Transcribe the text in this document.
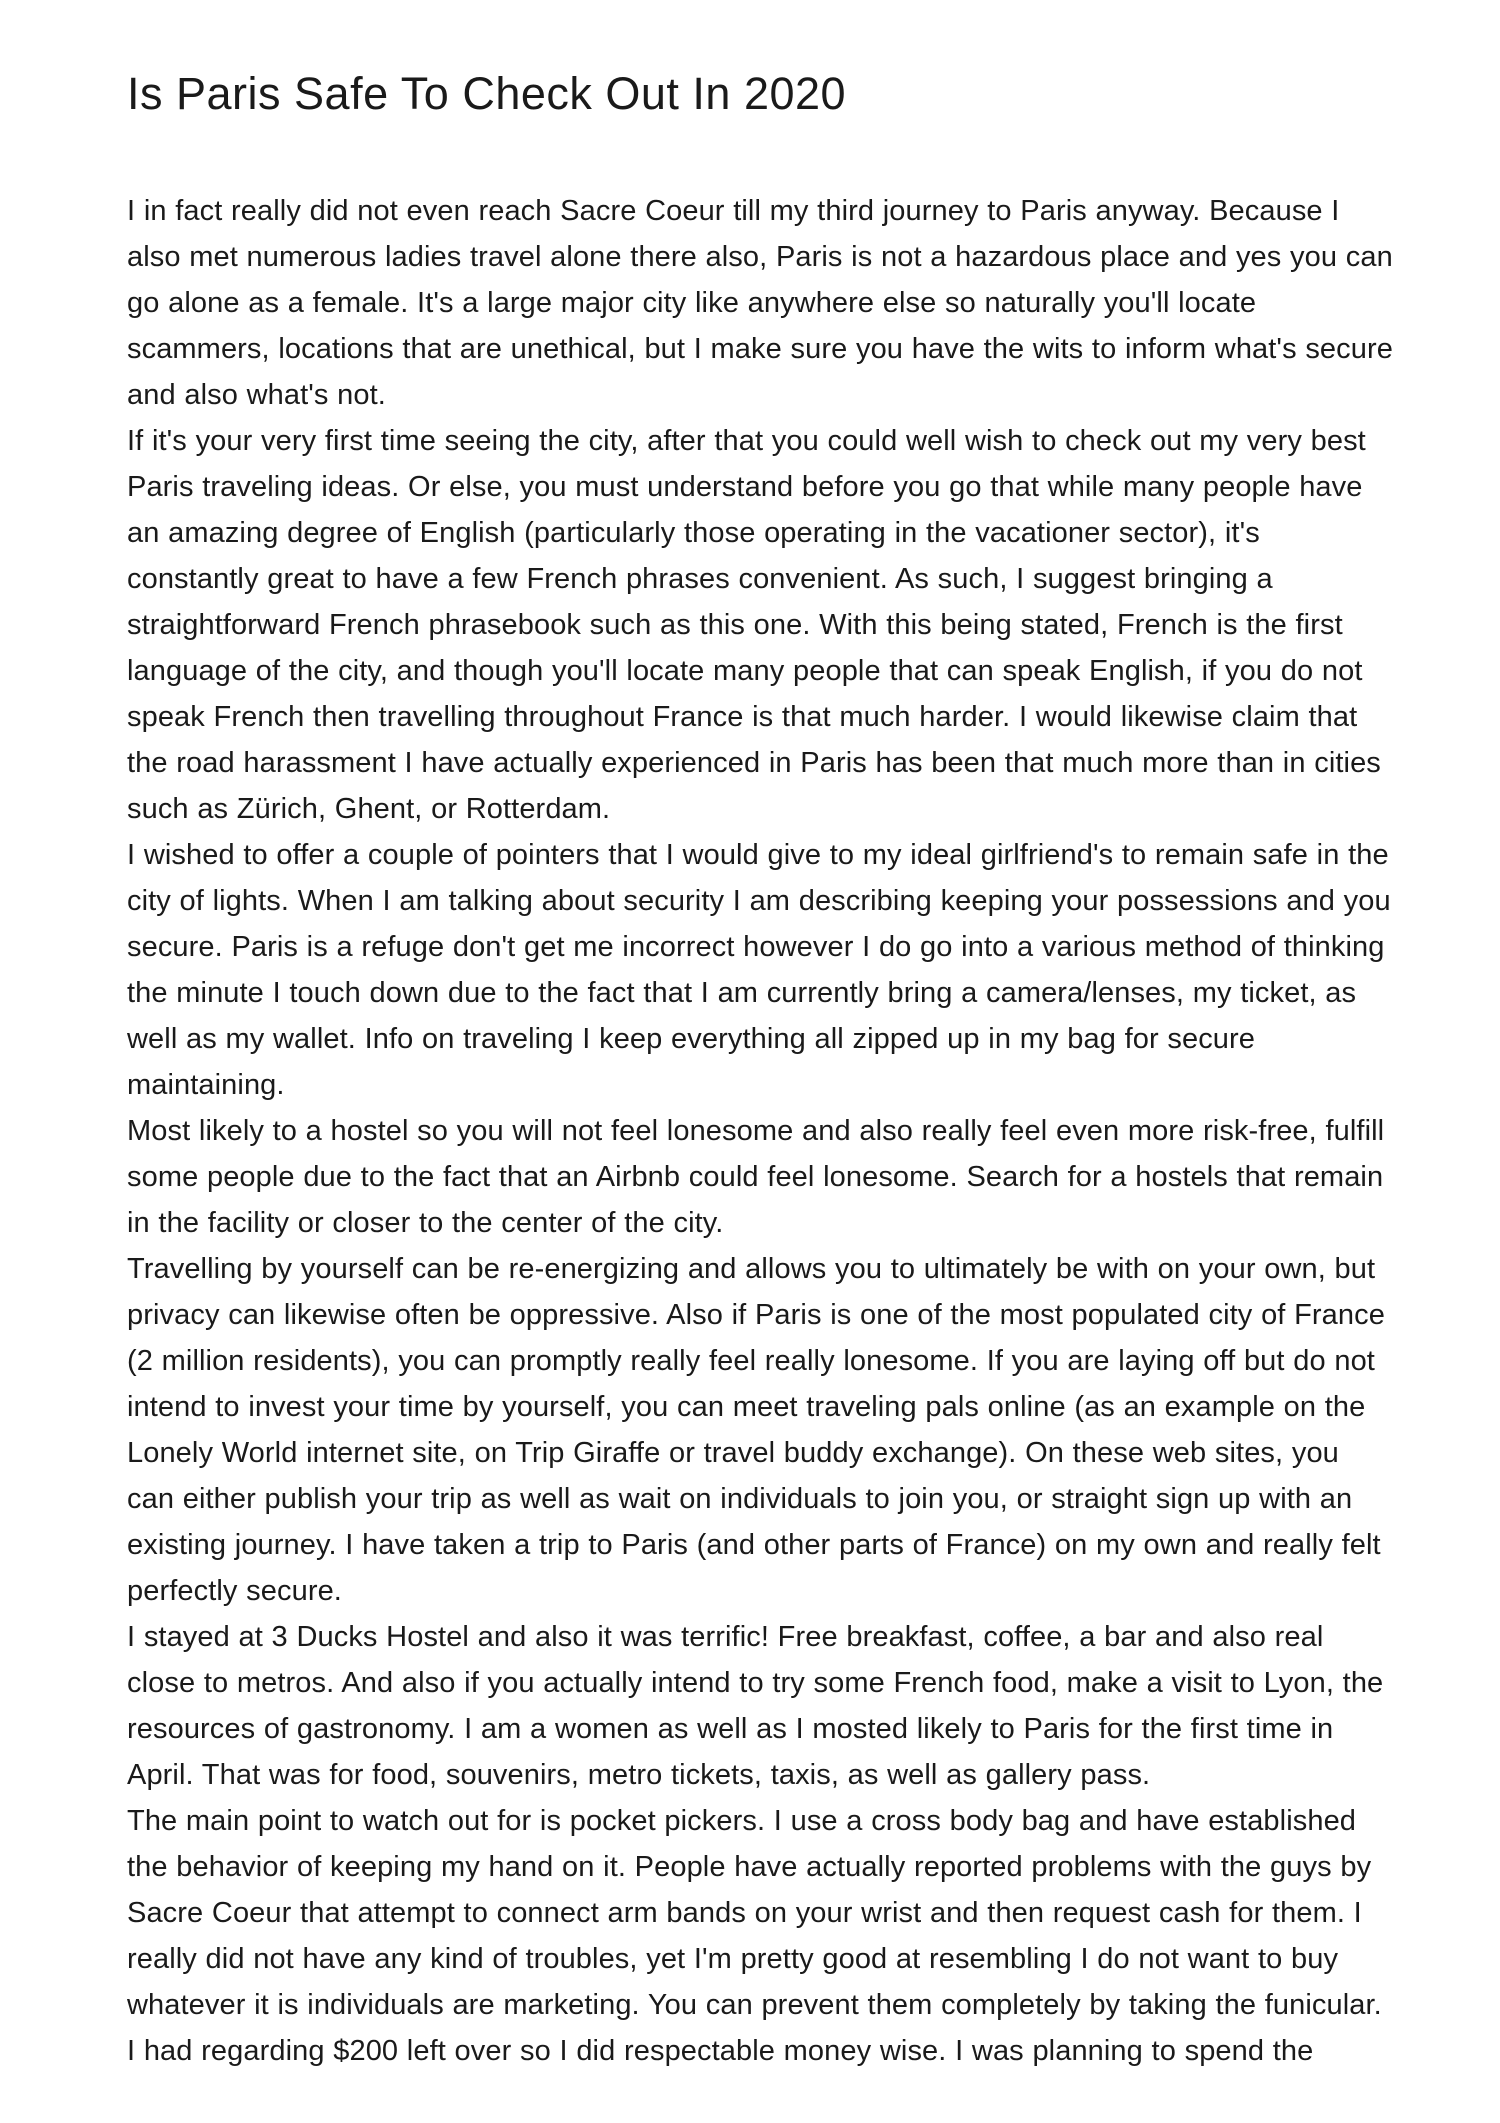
Is Paris Safe To Check Out In 2020

I in fact really did not even reach Sacre Coeur till my third journey to Paris anyway. Because I also met numerous ladies travel alone there also, Paris is not a hazardous place and yes you can go alone as a female. It's a large major city like anywhere else so naturally you'll locate scammers, locations that are unethical, but I make sure you have the wits to inform what's secure and also what's not.

If it's your very first time seeing the city, after that you could well wish to check out my very best Paris traveling ideas. Or else, you must understand before you go that while many people have an amazing degree of English (particularly those operating in the vacationer sector), it's constantly great to have a few French phrases convenient. As such, I suggest bringing a straightforward French phrasebook such as this one. With this being stated, French is the first language of the city, and though you'll locate many people that can speak English, if you do not speak French then travelling throughout France is that much harder. I would likewise claim that the road harassment I have actually experienced in Paris has been that much more than in cities such as Zürich, Ghent, or Rotterdam.

I wished to offer a couple of pointers that I would give to my ideal girlfriend's to remain safe in the city of lights. When I am talking about security I am describing keeping your possessions and you secure. Paris is a refuge don't get me incorrect however I do go into a various method of thinking the minute I touch down due to the fact that I am currently bring a camera/lenses, my ticket, as well as my wallet. Info on traveling I keep everything all zipped up in my bag for secure maintaining.

Most likely to a hostel so you will not feel lonesome and also really feel even more risk-free, fulfill some people due to the fact that an Airbnb could feel lonesome. Search for a hostels that remain in the facility or closer to the center of the city.

Travelling by yourself can be re-energizing and allows you to ultimately be with on your own, but privacy can likewise often be oppressive. Also if Paris is one of the most populated city of France (2 million residents), you can promptly really feel really lonesome. If you are laying off but do not intend to invest your time by yourself, you can meet traveling pals online (as an example on the Lonely World internet site, on Trip Giraffe or travel buddy exchange). On these web sites, you can either publish your trip as well as wait on individuals to join you, or straight sign up with an existing journey. I have taken a trip to Paris (and other parts of France) on my own and really felt perfectly secure.

I stayed at 3 Ducks Hostel and also it was terrific! Free breakfast, coffee, a bar and also real close to metros. And also if you actually intend to try some French food, make a visit to Lyon, the resources of gastronomy. I am a women as well as I mosted likely to Paris for the first time in April. That was for food, souvenirs, metro tickets, taxis, as well as gallery pass.

The main point to watch out for is pocket pickers. I use a cross body bag and have established the behavior of keeping my hand on it. People have actually reported problems with the guys by Sacre Coeur that attempt to connect arm bands on your wrist and then request cash for them. I really did not have any kind of troubles, yet I'm pretty good at resembling I do not want to buy whatever it is individuals are marketing. You can prevent them completely by taking the funicular.

I had regarding $200 left over so I did respectable money wise. I was planning to spend the
